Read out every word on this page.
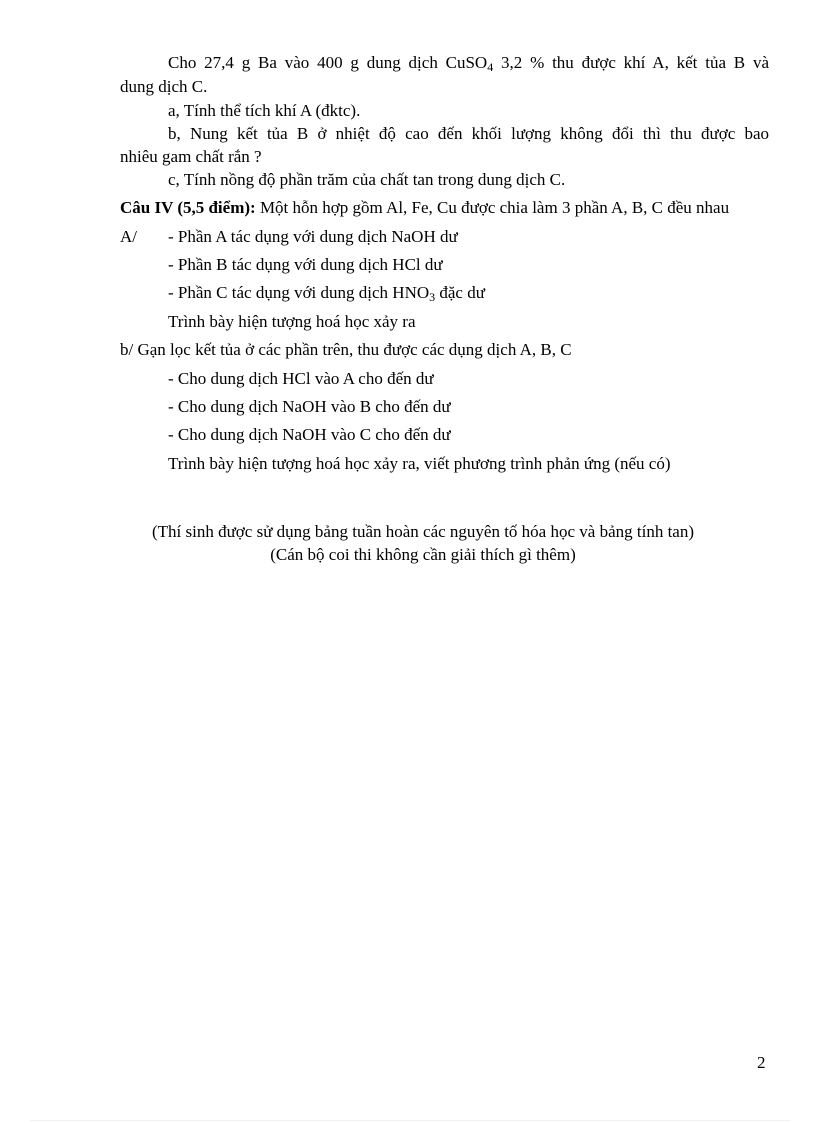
Cho 27,4 g Ba vào 400 g dung dịch CuSO$_4$ 3,2 % thu được khí A, kết tủa B và
dung dịch C.
a, Tính thể tích khí A (đktc).
b, Nung kết tủa B ở nhiệt độ cao đến khối lượng không đổi thì thu được bao
nhiêu gam chất rắn ?
c, Tính nồng độ phần trăm của chất tan trong dung dịch C.
Câu IV (5,5 điểm): Một hỗn hợp gồm Al, Fe, Cu được chia làm 3 phần A, B, C đều nhau
A/ - Phần A tác dụng với dung dịch NaOH dư
- Phần B tác dụng với dung dịch HCl dư
- Phần C tác dụng với dung dịch $HNO_3$ đặc dư
Trình bày hiện tượng hoá học xảy ra
b/ Gạn lọc kết tủa ở các phần trên, thu được các dụng dịch A, B, C
- Cho dung dịch HCl vào A cho đến dư
- Cho dung dịch NaOH vào B cho đến dư
- Cho dung dịch NaOH vào C cho đến dư
Trình bày hiện tượng hoá học xảy ra, viết phương trình phản ứng (nếu có)
(Thí sinh được sử dụng bảng tuần hoàn các nguyên tố hóa học và bảng tính tan)
(Cán bộ coi thi không cần giải thích gì thêm)
2
